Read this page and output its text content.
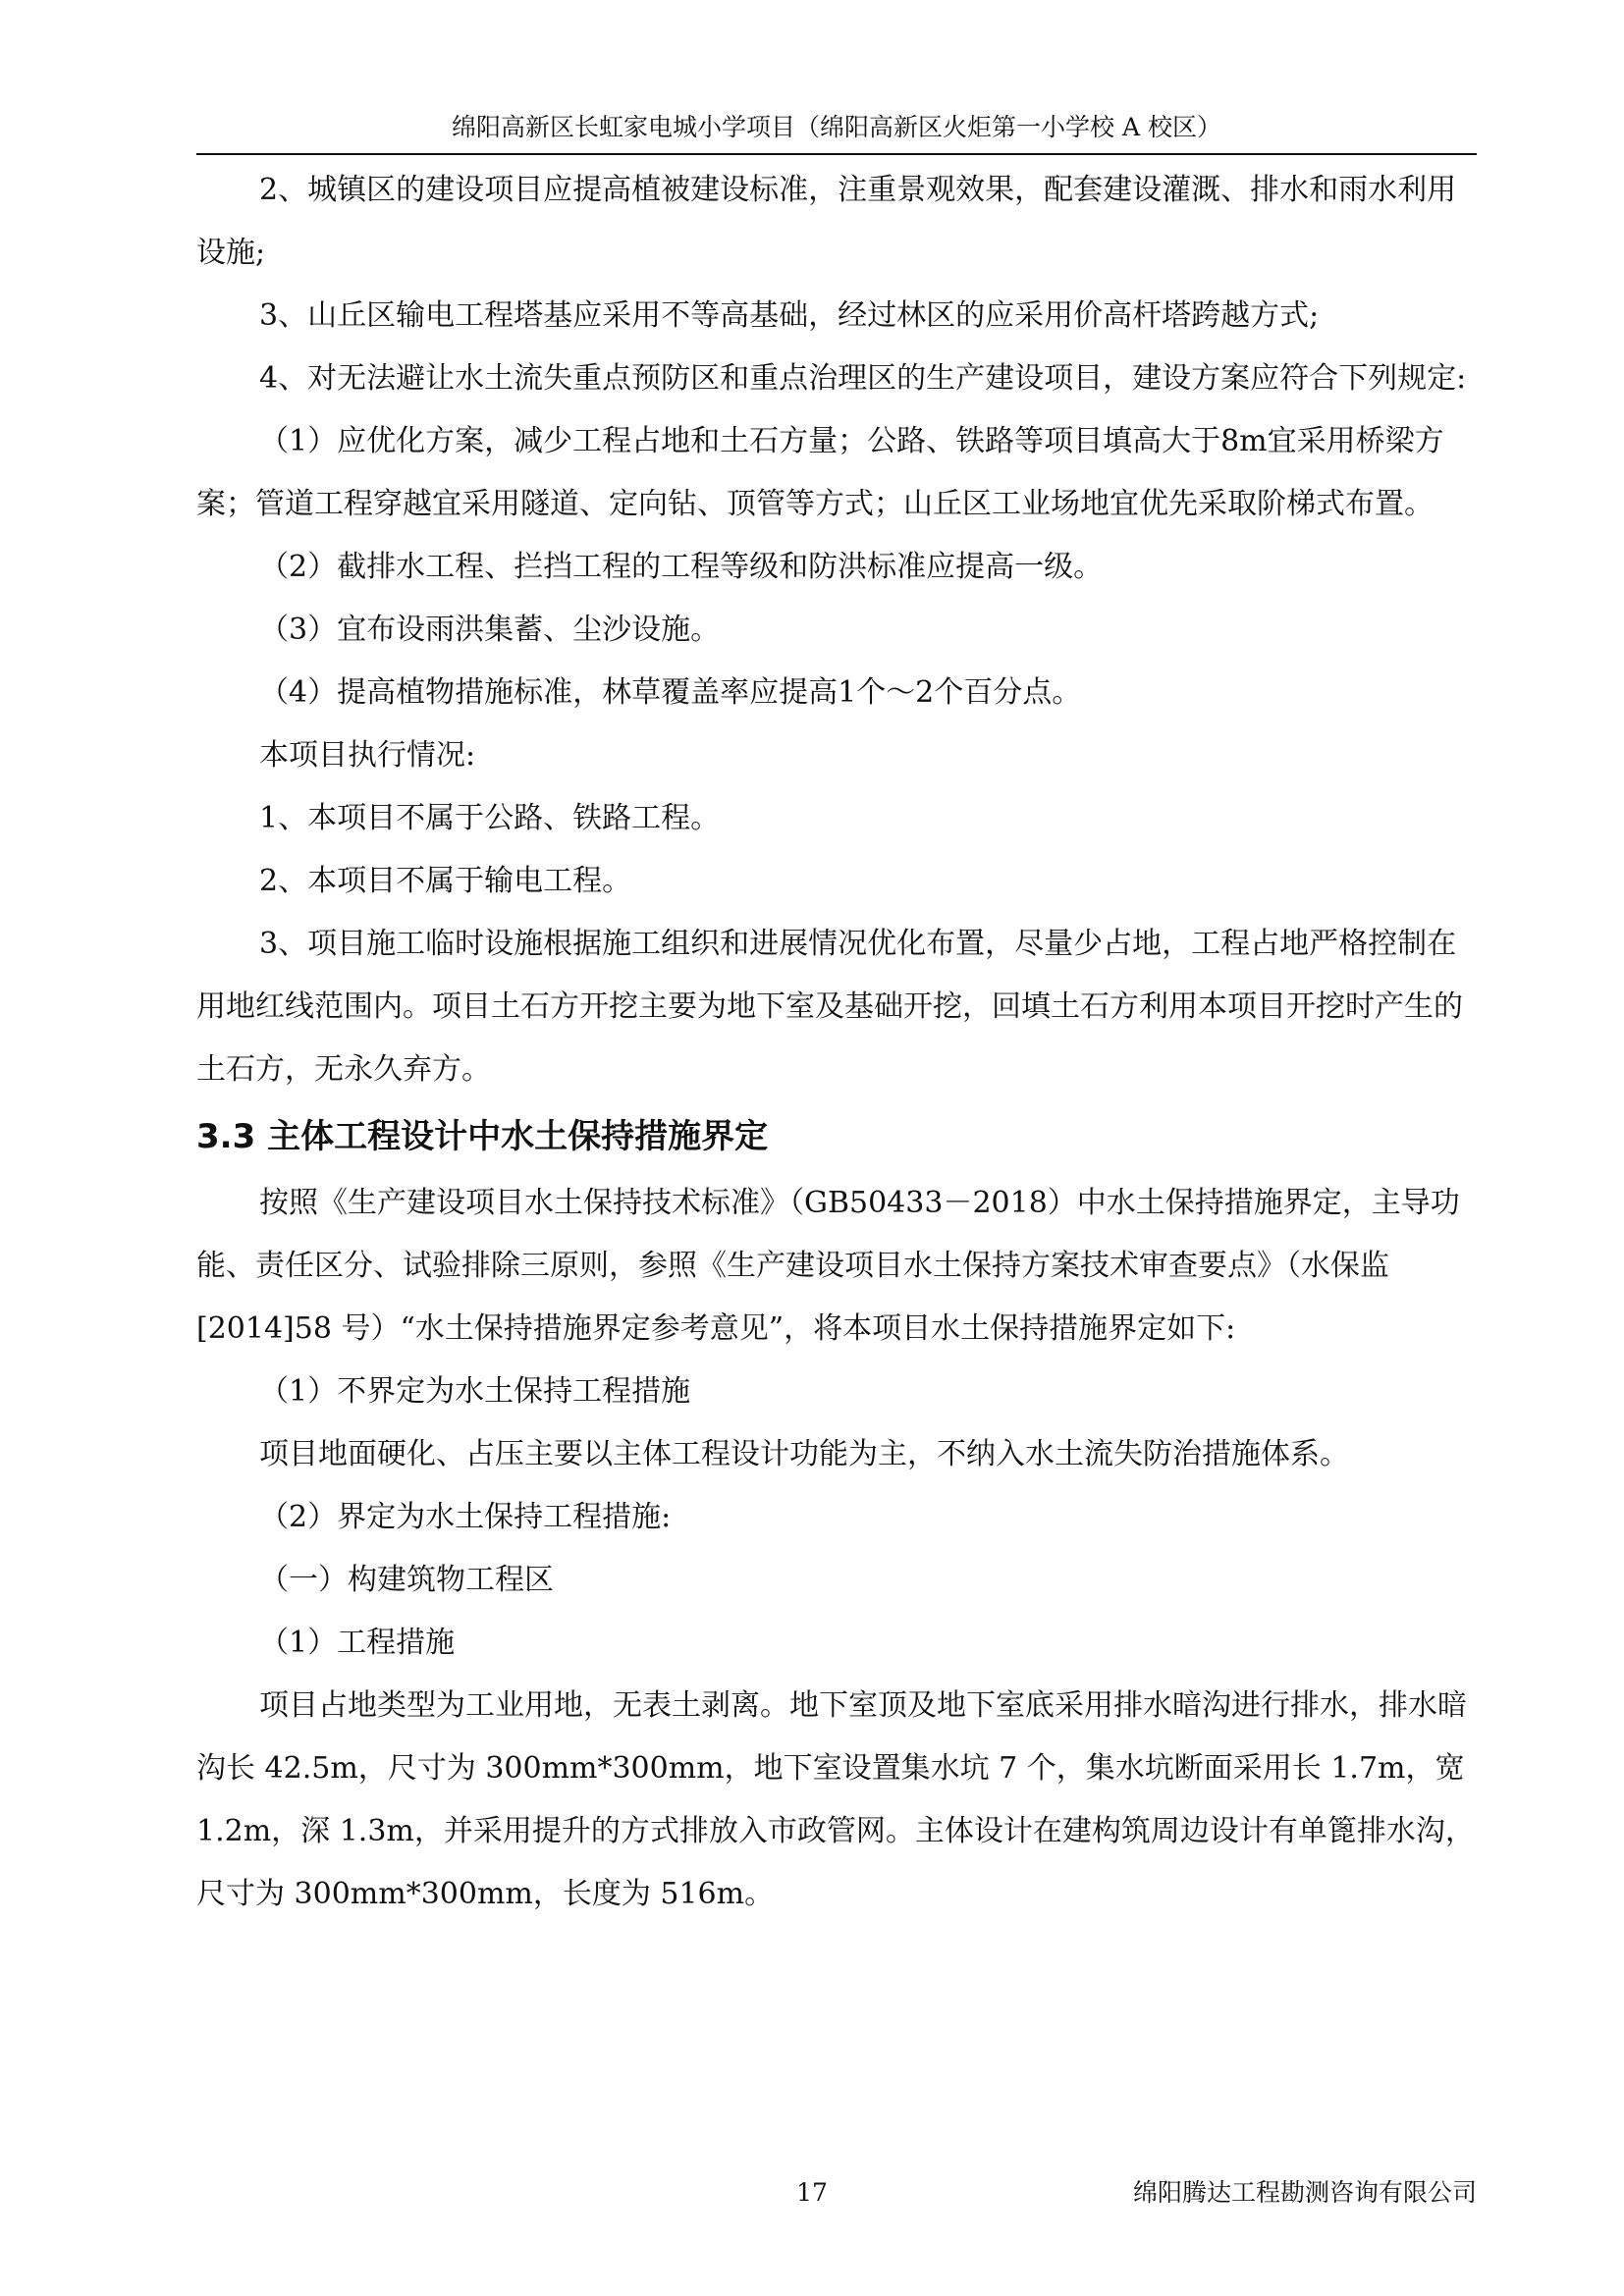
绵阳高新区长虹家电城小学项目（绵阳高新区火炬第一小学校 A 校区）

2、城镇区的建设项目应提高植被建设标准，注重景观效果，配套建设灌溉、排水和雨水利用设施;

3、山丘区输电工程塔基应采用不等高基础，经过林区的应采用价高杆塔跨越方式;

4、对无法避让水土流失重点预防区和重点治理区的生产建设项目，建设方案应符合下列规定:

（1）应优化方案，减少工程占地和土石方量；公路、铁路等项目填高大于8m宜采用桥梁方案；管道工程穿越宜采用隧道、定向钻、顶管等方式；山丘区工业场地宜优先采取阶梯式布置。

（2）截排水工程、拦挡工程的工程等级和防洪标准应提高一级。

（3）宜布设雨洪集蓄、尘沙设施。

（4）提高植物措施标准，林草覆盖率应提高1个～2个百分点。

本项目执行情况:

1、本项目不属于公路、铁路工程。

2、本项目不属于输电工程。

3、项目施工临时设施根据施工组织和进展情况优化布置，尽量少占地，工程占地严格控制在用地红线范围内。项目土石方开挖主要为地下室及基础开挖，回填土石方利用本项目开挖时产生的土石方，无永久弃方。

3.3 主体工程设计中水土保持措施界定

按照《生产建设项目水土保持技术标准》（GB50433－2018）中水土保持措施界定，主导功能、责任区分、试验排除三原则，参照《生产建设项目水土保持方案技术审查要点》（水保监[2014]58 号）“水土保持措施界定参考意见”，将本项目水土保持措施界定如下:

（1）不界定为水土保持工程措施

项目地面硬化、占压主要以主体工程设计功能为主，不纳入水土流失防治措施体系。

（2）界定为水土保持工程措施:

（一）构建筑物工程区

（1）工程措施

项目占地类型为工业用地，无表土剥离。地下室顶及地下室底采用排水暗沟进行排水，排水暗沟长 42.5m，尺寸为 300mm*300mm，地下室设置集水坑 7 个，集水坑断面采用长 1.7m，宽 1.2m，深 1.3m，并采用提升的方式排放入市政管网。主体设计在建构筑周边设计有单篦排水沟，尺寸为 300mm*300mm，长度为 516m。

17	绵阳腾达工程勘测咨询有限公司
